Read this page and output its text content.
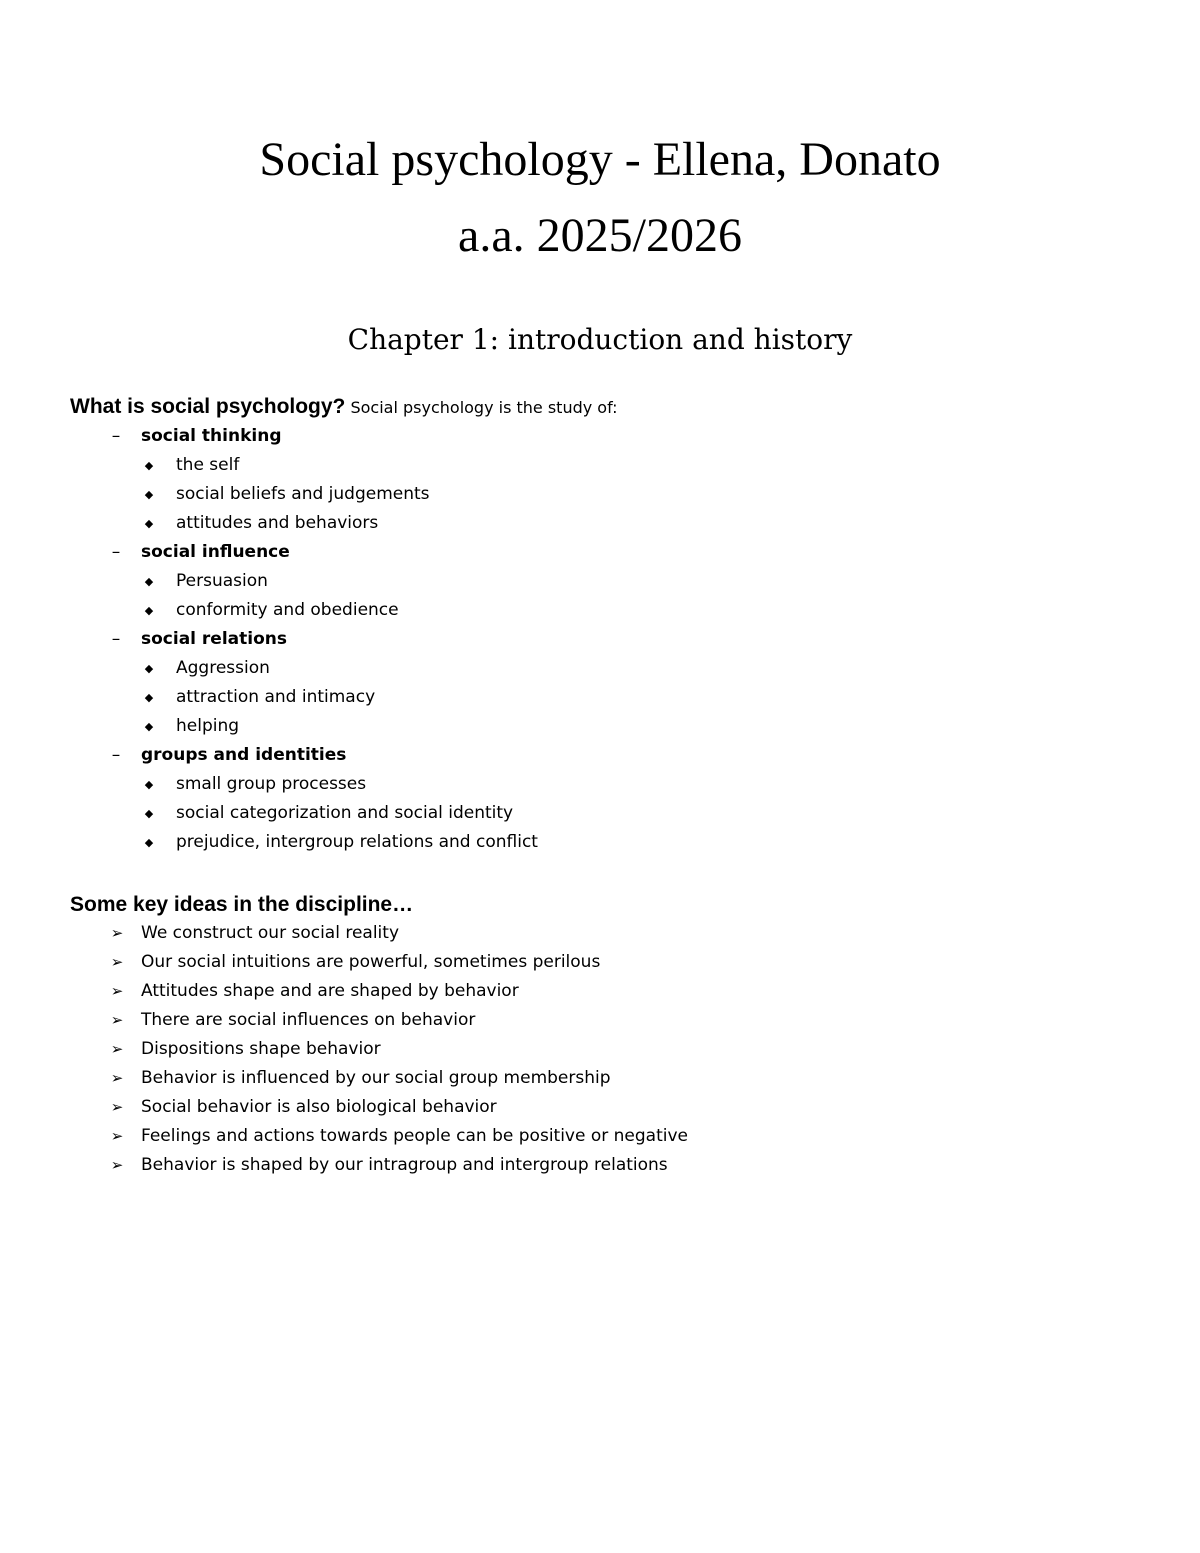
Social psychology - Ellena, Donato
a.a. 2025/2026
Chapter 1: introduction and history

What is social psychology? Social psychology is the study of:

–	social thinking
◆ the self
◆ social beliefs and judgements
◆ attitudes and behaviors
–	social influence
◆ Persuasion
◆ conformity and obedience
–	social relations
◆ Aggression
◆ attraction and intimacy
◆ helping
–	groups and identities
◆ small group processes
◆ social categorization and social identity
◆ prejudice, intergroup relations and conflict

Some key ideas in the discipline…

➢ We construct our social reality
➢ Our social intuitions are powerful, sometimes perilous
➢ Attitudes shape and are shaped by behavior
➢ There are social influences on behavior
➢ Dispositions shape behavior
➢ Behavior is influenced by our social group membership
➢ Social behavior is also biological behavior
➢ Feelings and actions towards people can be positive or negative
➢ Behavior is shaped by our intragroup and intergroup relations
